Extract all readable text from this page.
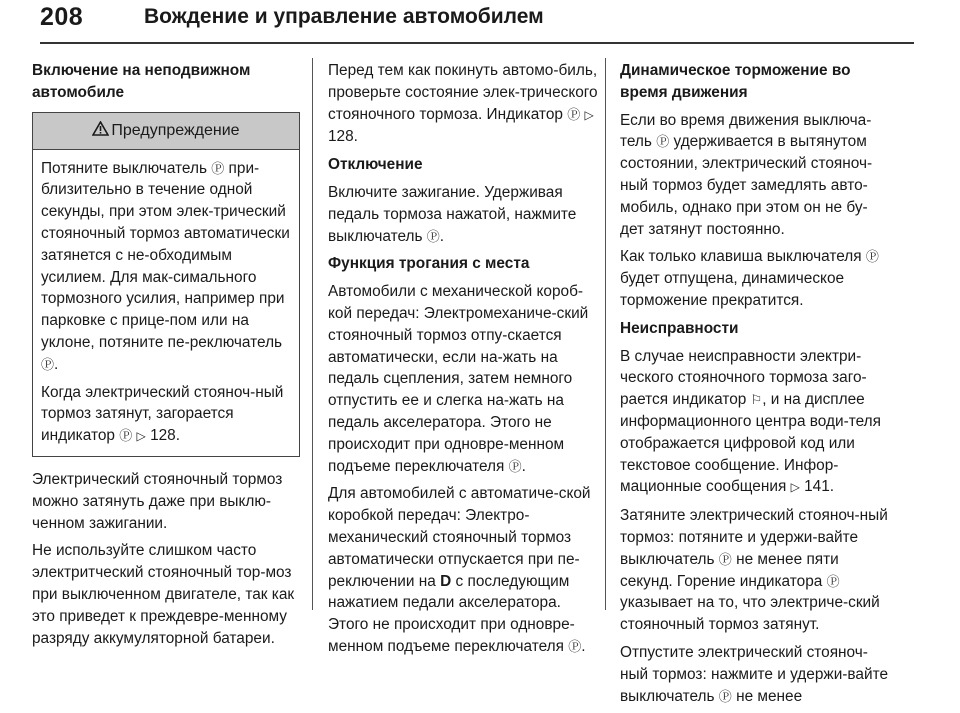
208	Вождение и управление автомобилем

Включение на неподвижном автомобиле

Предупреждение

Потяните выключатель Ⓟ при-близительно в течение одной секунды, при этом элек-трический стояночный тормоз автоматически затянется с не-обходимым усилием. Для мак-симального тормозного усилия, например при парковке с прице-пом или на уклоне, потяните пе-реключатель Ⓟ.

Когда электрический стояноч-ный тормоз затянут, загорается индикатор Ⓟ ▷ 128.

Электрический стояночный тормоз можно затянуть даже при выклю-ченном зажигании.

Не используйте слишком часто электритческий стояночный тор-моз при выключенном двигателе, так как это приведет к преждевре-менному разряду аккумуляторной батареи.

Перед тем как покинуть автомо-биль, проверьте состояние элек-трического стояночного тормоза. Индикатор Ⓟ ▷ 128.

Отключение

Включите зажигание. Удерживая педаль тормоза нажатой, нажмите выключатель Ⓟ.

Функция трогания с места

Автомобили с механической короб-кой передач: Электромеханиче-ский стояночный тормоз отпу-скается автоматически, если на-жать на педаль сцепления, затем немного отпустить ее и слегка на-жать на педаль акселератора. Этого не происходит при одновре-менном подъеме переключателя Ⓟ.

Для автомобилей с автоматиче-ской коробкой передач: Электро-механический стояночный тормоз автоматически отпускается при пе-реключении на D с последующим нажатием педали акселератора. Этого не происходит при одновре-менном подъеме переключателя Ⓟ.

Динамическое торможение во время движения

Если во время движения выключа-тель Ⓟ удерживается в вытянутом состоянии, электрический стояноч-ный тормоз будет замедлять авто-мобиль, однако при этом он не бу-дет затянут постоянно.

Как только клавиша выключателя Ⓟ будет отпущена, динамическое торможение прекратится.

Неисправности

В случае неисправности электри-ческого стояночного тормоза заго-рается индикатор ⚐, и на дисплее информационного центра води-теля отображается цифровой код или текстовое сообщение. Инфор-мационные сообщения ▷ 141.

Затяните электрический стояноч-ный тормоз: потяните и удержи-вайте выключатель Ⓟ не менее пяти секунд. Горение индикатора Ⓟ указывает на то, что электриче-ский стояночный тормоз затянут.

Отпустите электрический стояноч-ный тормоз: нажмите и удержи-вайте выключатель Ⓟ не менее
